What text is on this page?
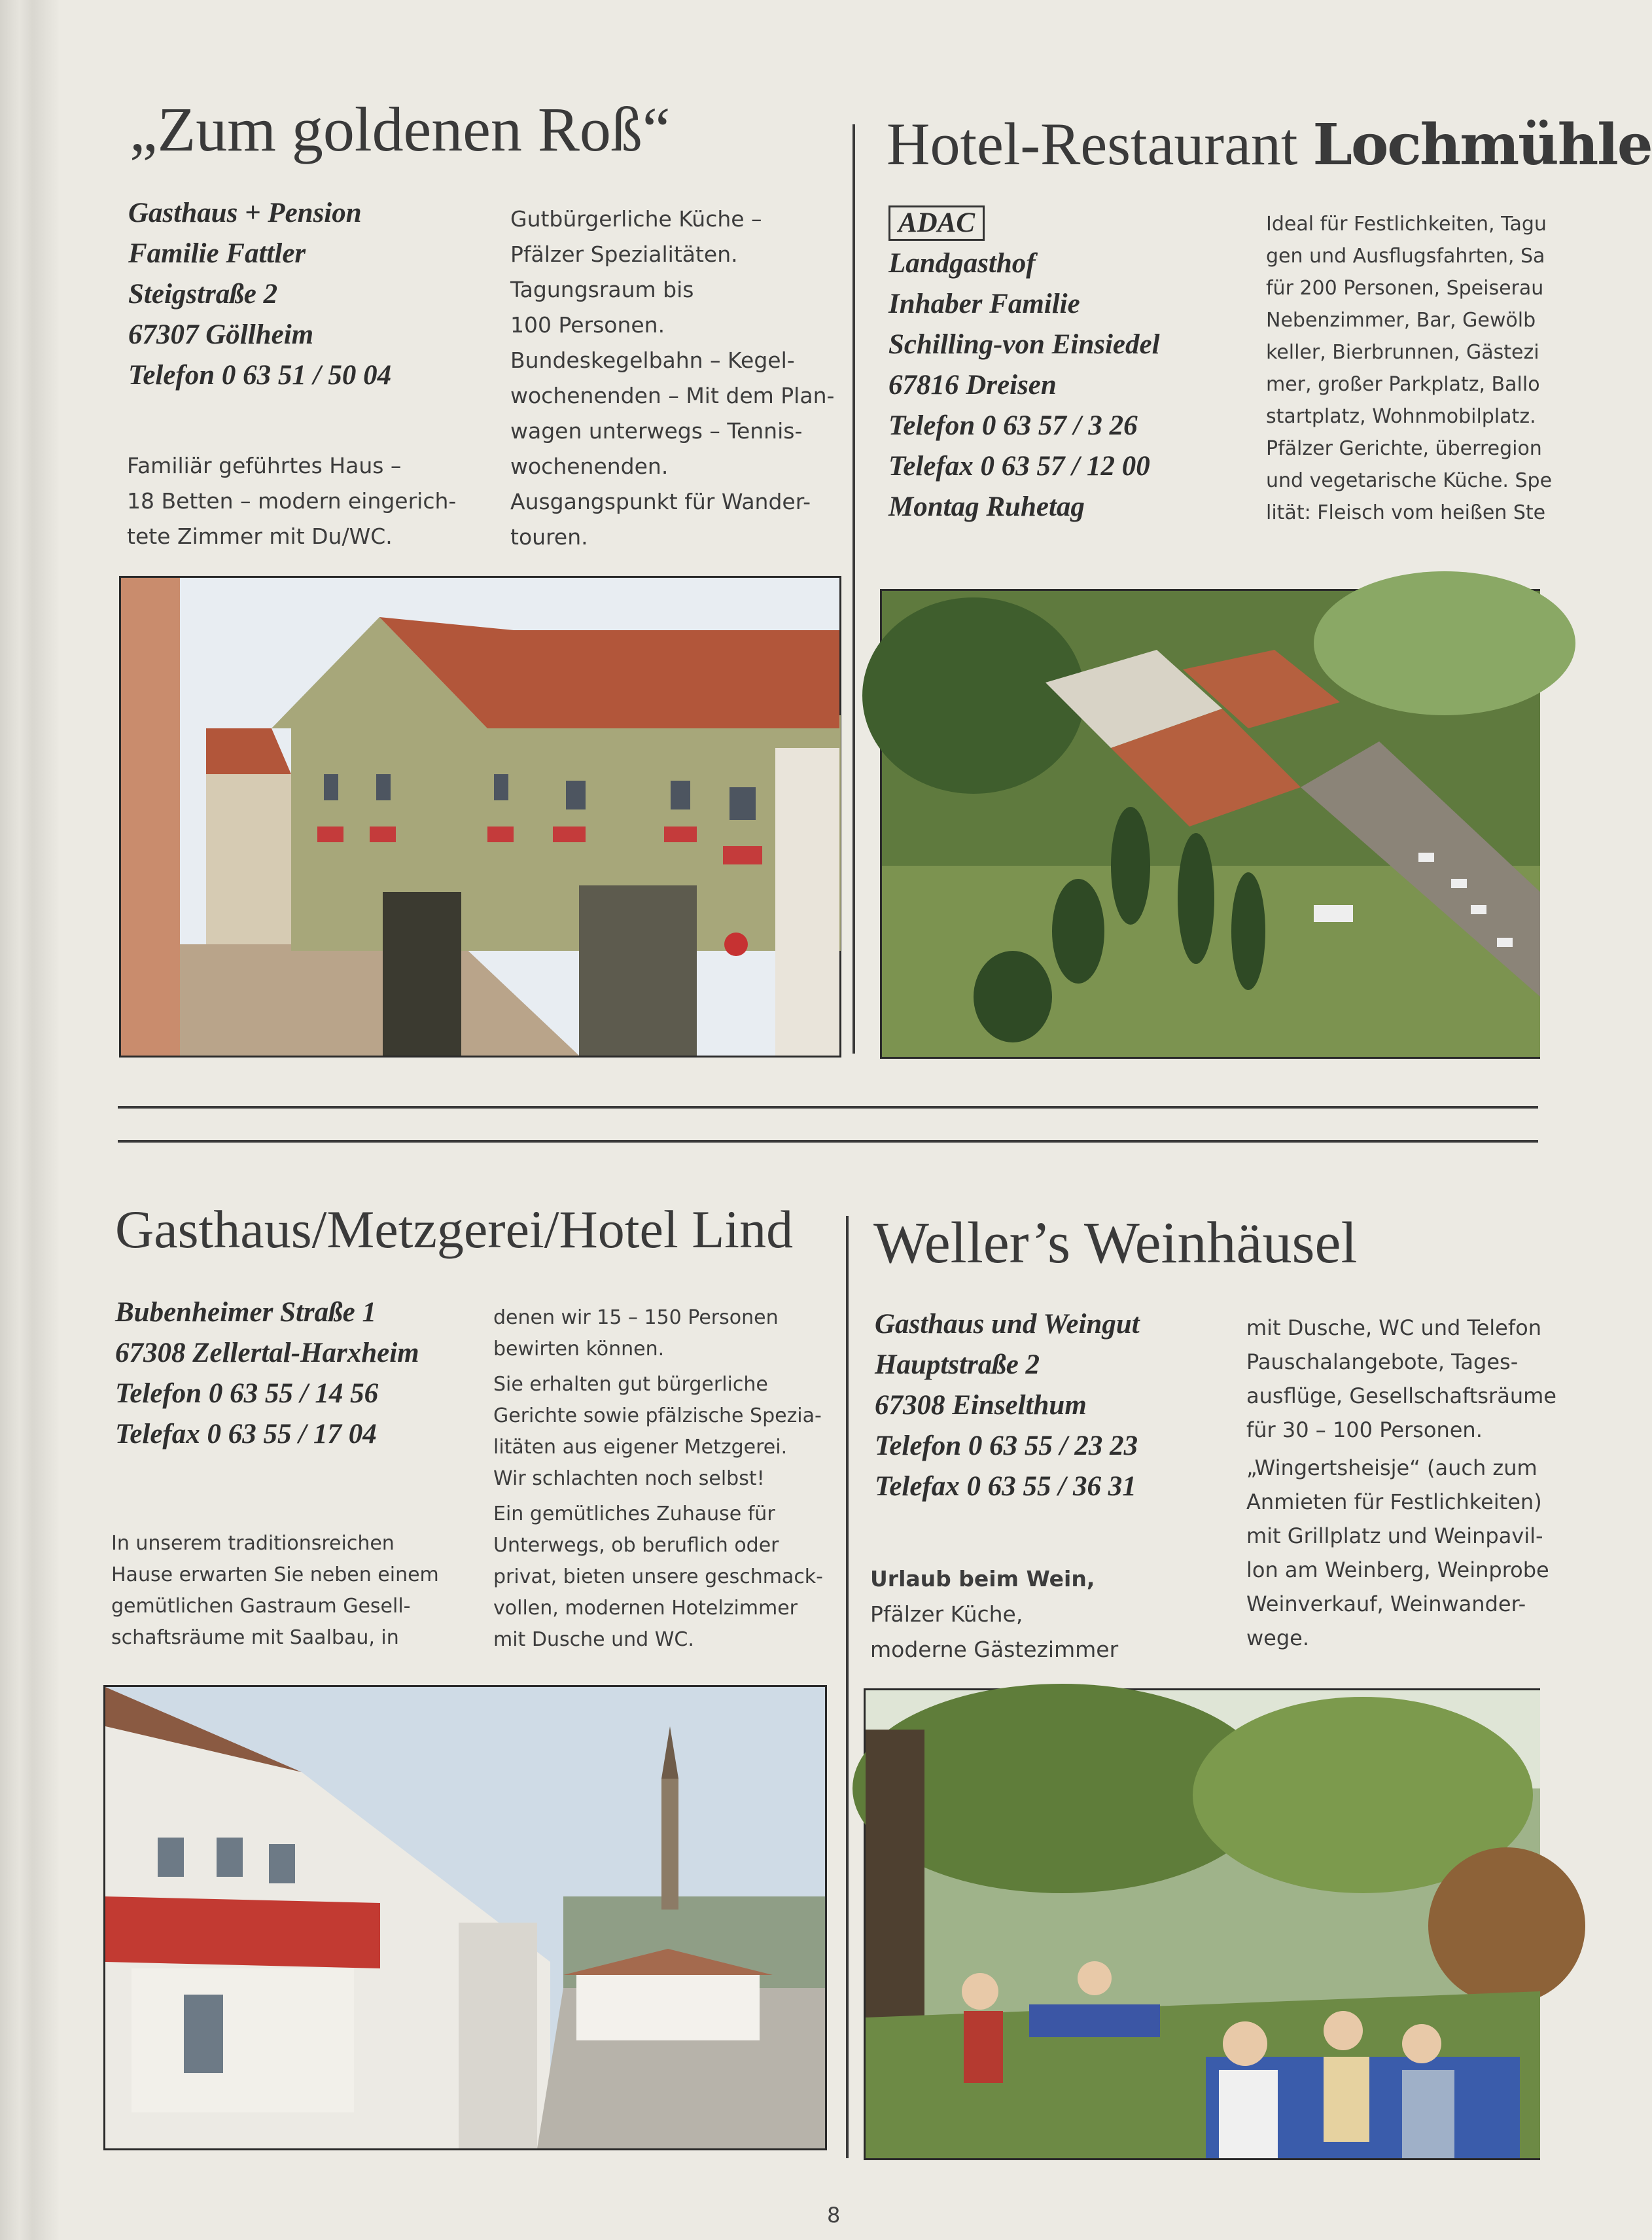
„Zum goldenen Roß“
Gasthaus + Pension
Familie Fattler
Steigstraße 2
67307 Göllheim
Telefon 0 63 51 / 50 04
Familiär geführtes Haus –
18 Betten – modern eingerich-
tete Zimmer mit Du/WC.
Gutbürgerliche Küche –
Pfälzer Spezialitäten.
Tagungsraum bis
100 Personen.
Bundeskegelbahn – Kegel-
wochenenden – Mit dem Plan-
wagen unterwegs – Tennis-
wochenenden.
Ausgangspunkt für Wander-
touren.
Hotel-Restaurant Lochmühle
ADAC
Landgasthof
Inhaber Familie
Schilling-von Einsiedel
67816 Dreisen
Telefon 0 63 57 / 3 26
Telefax 0 63 57 / 12 00
Montag Ruhetag
Ideal für Festlichkeiten, Tagu
gen und Ausflugsfahrten, Sa
für 200 Personen, Speiserau
Nebenzimmer, Bar, Gewölb
keller, Bierbrunnen, Gästezi
mer, großer Parkplatz, Ballo
startplatz, Wohnmobilplatz.
Pfälzer Gerichte, überregion
und vegetarische Küche. Spe
lität: Fleisch vom heißen Ste
Gasthaus/Metzgerei/Hotel Lind
Bubenheimer Straße 1
67308 Zellertal-Harxheim
Telefon 0 63 55 / 14 56
Telefax 0 63 55 / 17 04
In unserem traditionsreichen
Hause erwarten Sie neben einem
gemütlichen Gastraum Gesell-
schaftsräume mit Saalbau, in
denen wir 15 – 150 Personen
bewirten können.
Sie erhalten gut bürgerliche
Gerichte sowie pfälzische Spezia-
litäten aus eigener Metzgerei.
Wir schlachten noch selbst!
Ein gemütliches Zuhause für
Unterwegs, ob beruflich oder
privat, bieten unsere geschmack-
vollen, modernen Hotelzimmer
mit Dusche und WC.
Weller’s Weinhäusel
Gasthaus und Weingut
Hauptstraße 2
67308 Einselthum
Telefon 0 63 55 / 23 23
Telefax 0 63 55 / 36 31
Urlaub beim Wein,
Pfälzer Küche,
moderne Gästezimmer
mit Dusche, WC und Telefon
Pauschalangebote, Tages-
ausflüge, Gesellschaftsräume
für 30 – 100 Personen.
„Wingertsheisje“ (auch zum
Anmieten für Festlichkeiten)
mit Grillplatz und Weinpavil-
lon am Weinberg, Weinprobe
Weinverkauf, Weinwander-
wege.
8
